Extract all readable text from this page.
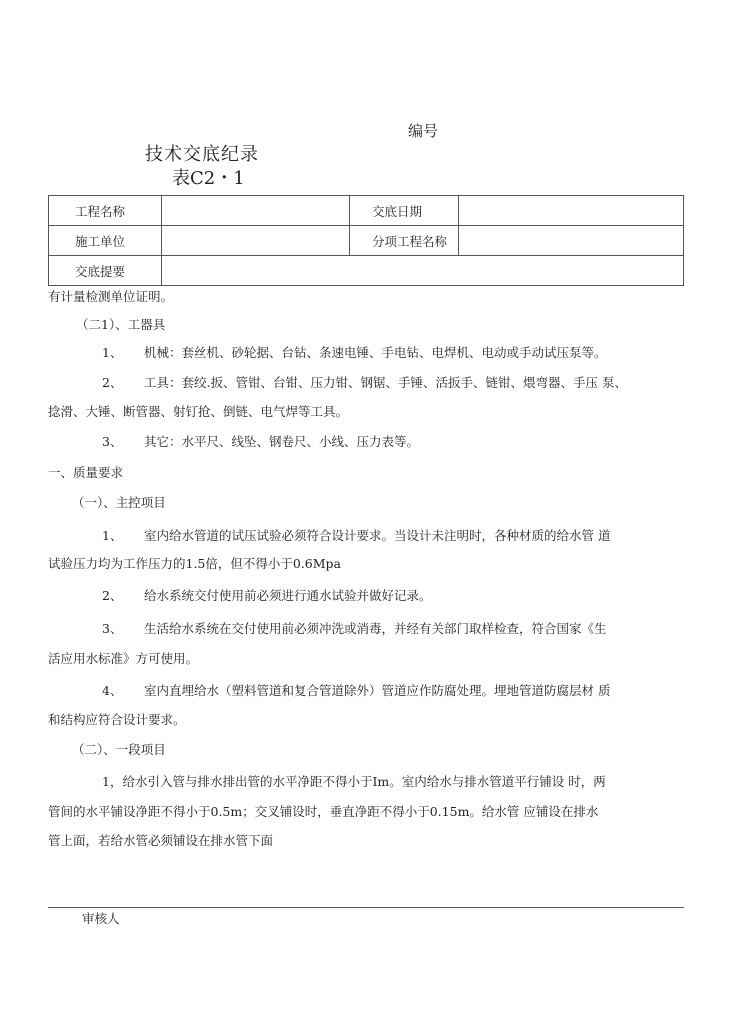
编号
技术交底纪录
表C2・1
工程名称		交底日期	
施工单位		分项工程名称	
交底提要			
有计量检测单位证明。
（二1）、工器具
1、 机械：套丝机、砂轮据、台钻、条速电锤、手电钻、电焊机、电动或手动试压泵等。
2、 工具：套绞.扳、管钳、台钳、压力钳、钢锯、手锤、活扳手、链钳、煨弯器、手压 泵、
捻滑、大锤、断管器、射钉抢、倒链、电气焊等工具。
3、 其它：水平尺、线坠、钢卷尺、小线、压力表等。
一、质量要求
（一）、主控项目
1、 室内给水管道的试压试验必须符合设计要求。当设计未注明时，各种材质的给水管 道
试验压力均为工作压力的1.5倍，但不得小于0.6Mpa
2、 给水系统交付使用前必须进行通水试验并做好记录。
3、 生活给水系统在交付使用前必须冲洗或消毒，并经有关部门取样检查，符合国家《生
活应用水标准》方可使用。
4、 室内直埋给水（塑料管道和复合管道除外）管道应作防腐处理。埋地管道防腐层材 质
和结构应符合设计要求。
（二）、一段项目
1，给水引入管与排水排出管的水平净距不得小于Im。室内给水与排水管道平行铺设 时，两
管间的水平铺设净距不得小于0.5m；交叉铺设时，垂直净距不得小于0.15m。给水管 应铺设在排水
管上面，若给水管必须铺设在排水管下面
审核人
